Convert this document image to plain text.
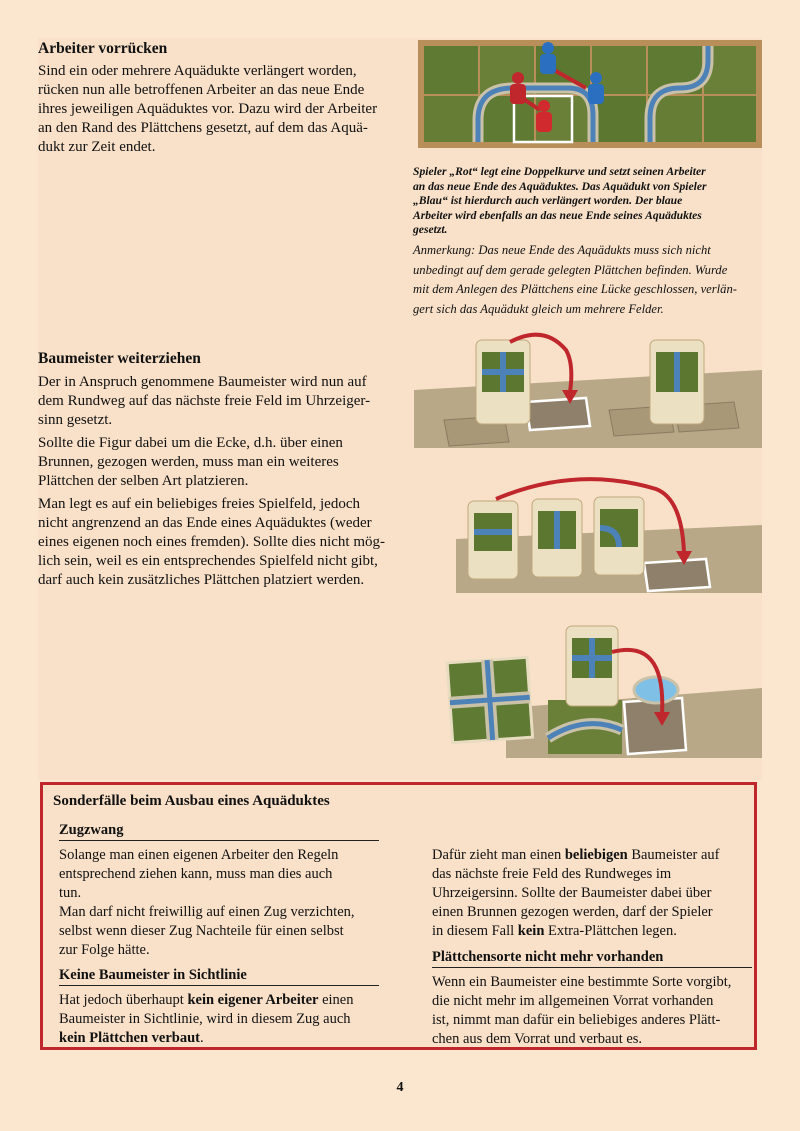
Arbeiter vorrücken
Sind ein oder mehrere Aquädukte verlängert worden,
rücken nun alle betroffenen Arbeiter an das neue Ende
ihres jeweiligen Aquäduktes vor. Dazu wird der Arbeiter
an den Rand des Plättchens gesetzt, auf dem das Aquä-
dukt zur Zeit endet.
Spieler „Rot“ legt eine Doppelkurve und setzt seinen Arbeiter
an das neue Ende des Aquäduktes. Das Aquädukt von Spieler
„Blau“ ist hierdurch auch verlängert worden. Der blaue
Arbeiter wird ebenfalls an das neue Ende seines Aquäduktes
gesetzt.
Anmerkung: Das neue Ende des Aquädukts muss sich nicht
unbedingt auf dem gerade gelegten Plättchen befinden. Wurde
mit dem Anlegen des Plättchens eine Lücke geschlossen, verlän-
gert sich das Aquädukt gleich um mehrere Felder.
Baumeister weiterziehen
Der in Anspruch genommene Baumeister wird nun auf
dem Rundweg auf das nächste freie Feld im Uhrzeiger-
sinn gesetzt.
Sollte die Figur dabei um die Ecke, d.h. über einen
Brunnen, gezogen werden, muss man ein weiteres
Plättchen der selben Art platzieren.
Man legt es auf ein beliebiges freies Spielfeld, jedoch
nicht angrenzend an das Ende eines Aquäduktes (weder
eines eigenen noch eines fremden). Sollte dies nicht mög-
lich sein, weil es ein entsprechendes Spielfeld nicht gibt,
darf auch kein zusätzliches Plättchen platziert werden.
Sonderfälle beim Ausbau eines Aquäduktes
Zugzwang
Solange man einen eigenen Arbeiter den Regeln
entsprechend ziehen kann, muss man dies auch
tun.
Man darf nicht freiwillig auf einen Zug verzichten,
selbst wenn dieser Zug Nachteile für einen selbst
zur Folge hätte.
Keine Baumeister in Sichtlinie
Hat jedoch überhaupt kein eigener Arbeiter einen
Baumeister in Sichtlinie, wird in diesem Zug auch
kein Plättchen verbaut.
Dafür zieht man einen beliebigen Baumeister auf
das nächste freie Feld des Rundweges im
Uhrzeigersinn. Sollte der Baumeister dabei über
einen Brunnen gezogen werden, darf der Spieler
in diesem Fall kein Extra-Plättchen legen.
Plättchensorte nicht mehr vorhanden
Wenn ein Baumeister eine bestimmte Sorte vorgibt,
die nicht mehr im allgemeinen Vorrat vorhanden
ist, nimmt man dafür ein beliebiges anderes Plätt-
chen aus dem Vorrat und verbaut es.
4
